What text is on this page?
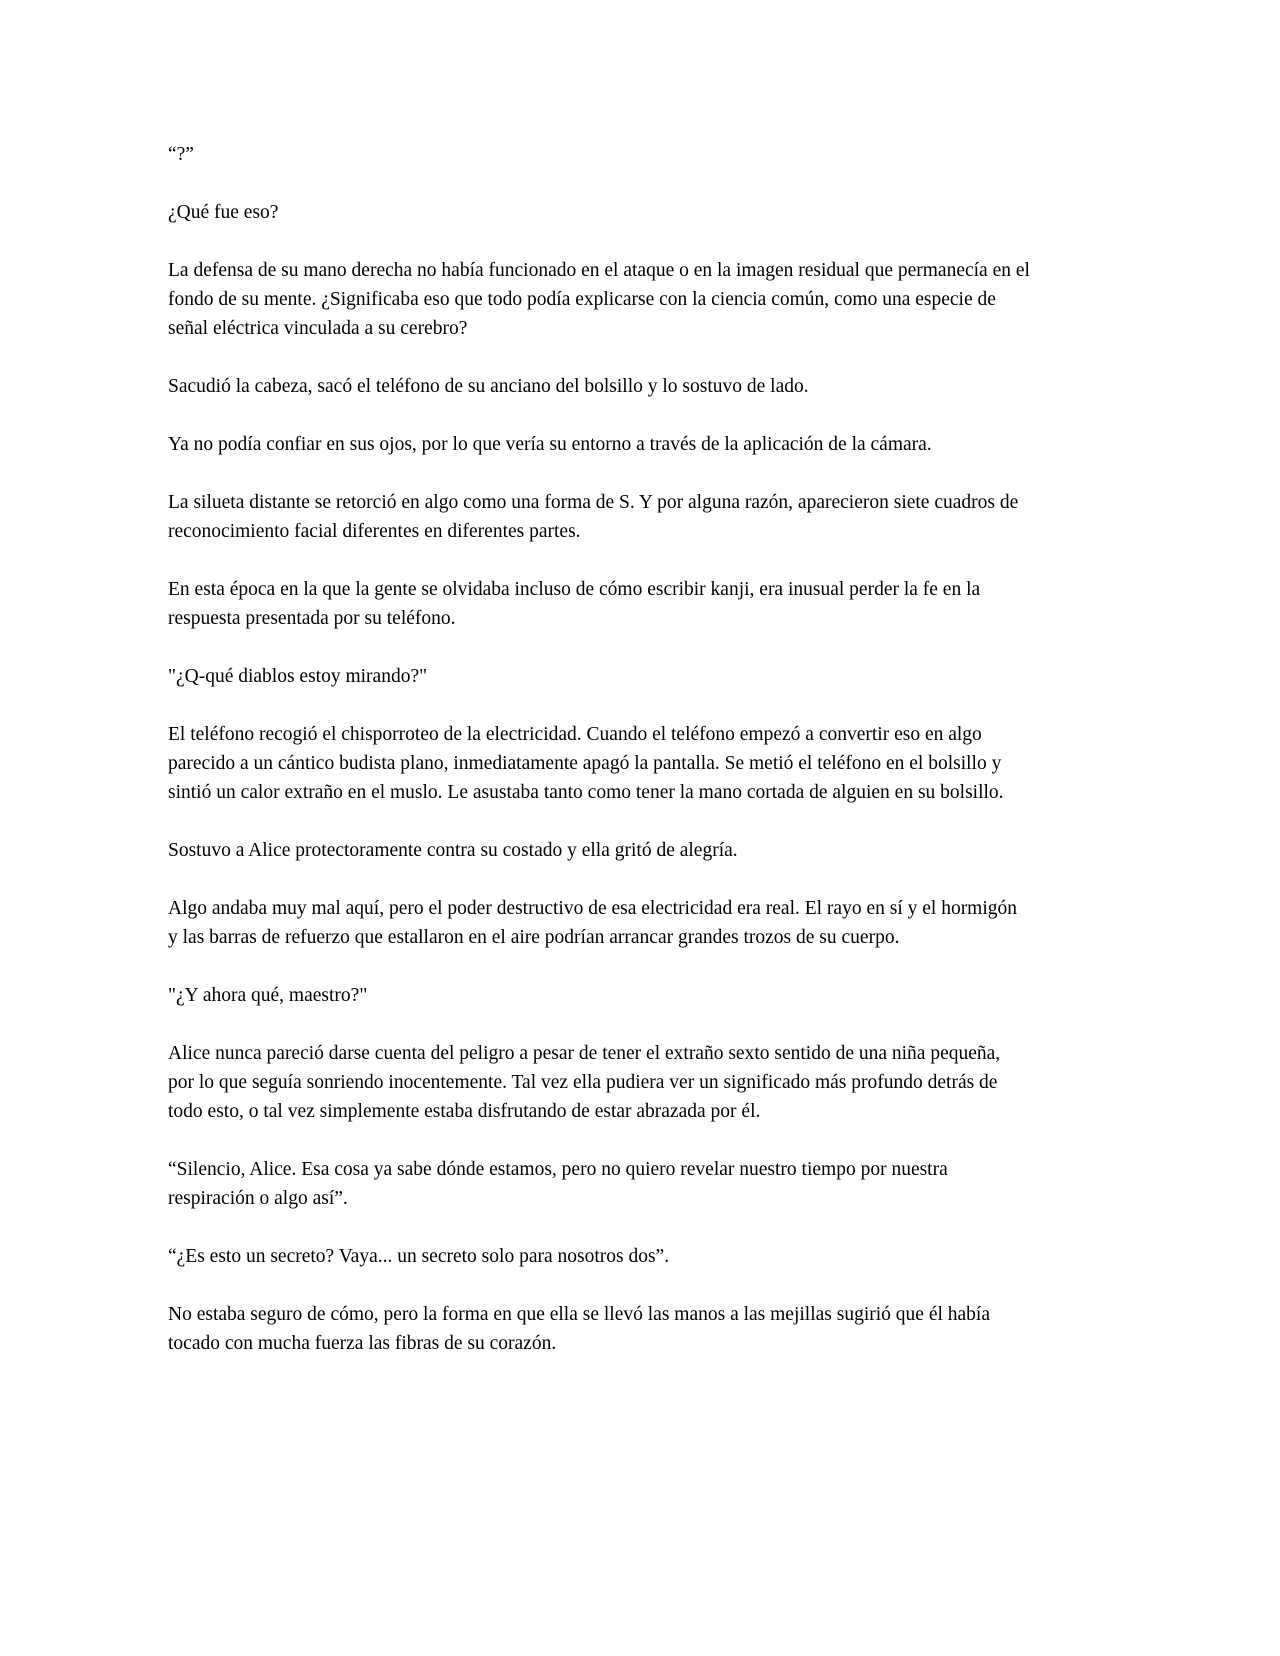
“?”

¿Qué fue eso?

La defensa de su mano derecha no había funcionado en el ataque o en la imagen residual que permanecía en el fondo de su mente. ¿Significaba eso que todo podía explicarse con la ciencia común, como una especie de señal eléctrica vinculada a su cerebro?

Sacudió la cabeza, sacó el teléfono de su anciano del bolsillo y lo sostuvo de lado.

Ya no podía confiar en sus ojos, por lo que vería su entorno a través de la aplicación de la cámara.

La silueta distante se retorció en algo como una forma de S. Y por alguna razón, aparecieron siete cuadros de reconocimiento facial diferentes en diferentes partes.

En esta época en la que la gente se olvidaba incluso de cómo escribir kanji, era inusual perder la fe en la respuesta presentada por su teléfono.

"¿Q-qué diablos estoy mirando?"

El teléfono recogió el chisporroteo de la electricidad. Cuando el teléfono empezó a convertir eso en algo parecido a un cántico budista plano, inmediatamente apagó la pantalla. Se metió el teléfono en el bolsillo y sintió un calor extraño en el muslo. Le asustaba tanto como tener la mano cortada de alguien en su bolsillo.

Sostuvo a Alice protectoramente contra su costado y ella gritó de alegría.

Algo andaba muy mal aquí, pero el poder destructivo de esa electricidad era real. El rayo en sí y el hormigón y las barras de refuerzo que estallaron en el aire podrían arrancar grandes trozos de su cuerpo.

"¿Y ahora qué, maestro?"

Alice nunca pareció darse cuenta del peligro a pesar de tener el extraño sexto sentido de una niña pequeña, por lo que seguía sonriendo inocentemente. Tal vez ella pudiera ver un significado más profundo detrás de todo esto, o tal vez simplemente estaba disfrutando de estar abrazada por él.

“Silencio, Alice. Esa cosa ya sabe dónde estamos, pero no quiero revelar nuestro tiempo por nuestra respiración o algo así”.

“¿Es esto un secreto? Vaya... un secreto solo para nosotros dos”.

No estaba seguro de cómo, pero la forma en que ella se llevó las manos a las mejillas sugirió que él había tocado con mucha fuerza las fibras de su corazón.
